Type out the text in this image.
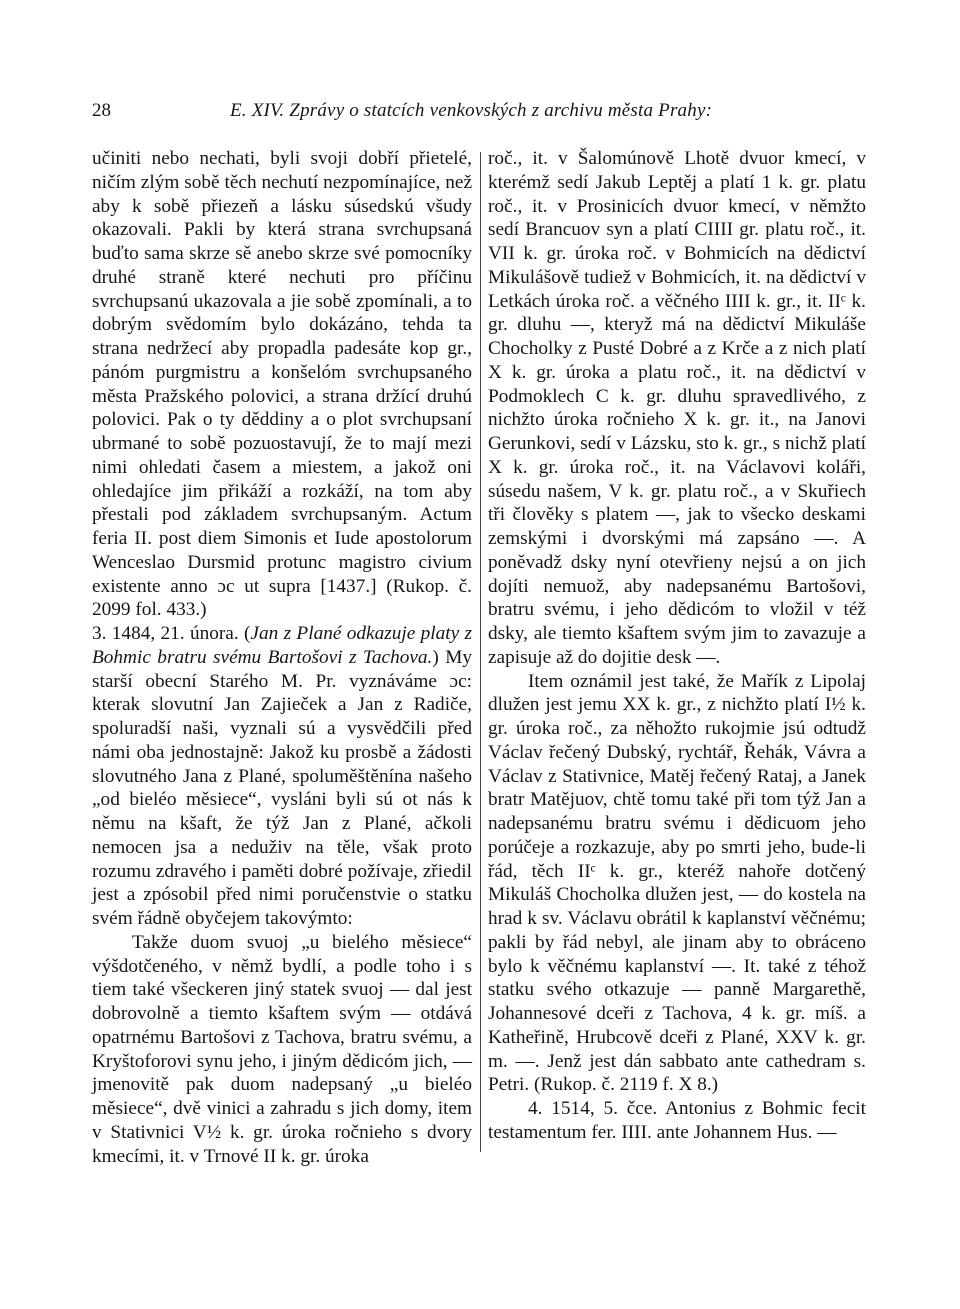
28	E. XIV. Zprávy o statcích venkovských z archivu města Prahy:

učiniti nebo nechati, byli svoji dobří přietelé, ničím zlým sobě těch nechutí nezpomínajíce, než aby k sobě přiezeň a lásku súsedskú všudy okazovali. Pakli by která strana svrchupsaná buďto sama skrze sě anebo skrze své pomocníky druhé straně které nechuti pro příčinu svrchupsanú ukazovala a jie sobě zpomínali, a to dobrým svědomím bylo dokázáno, tehda ta strana nedržecí aby propadla padesáte kop gr., pánóm purgmistru a konšelóm svrchupsaného města Pražského polovici, a strana držící druhú polovici. Pak o ty děddiny a o plot svrchupsaní ubrmané to sobě pozuostavují, že to mají mezi nimi ohledati časem a miestem, a jakož oni ohledajíce jim přikáží a rozkáží, na tom aby přestali pod základem svrchupsaným. Actum feria II. post diem Simonis et Iude apostolorum Wenceslao Dursmid protunc magistro civium existente anno ɔc ut supra [1437.] (Rukop. č. 2099 fol. 433.)

3. 1484, 21. února. (Jan z Plané odkazuje platy z Bohmic bratru svému Bartošovi z Tachova.) My starší obecní Starého M. Pr. vyznáváme ɔc: kterak slovutní Jan Zajieček a Jan z Radiče, spoluradší naši, vyznali sú a vysvědčili před námi oba jednostajně: Jakož ku prosbě a žádosti slovutného Jana z Plané, spoluměštěnína našeho „od bieléo měsiece“, vysláni byli sú ot nás k němu na kšaft, že týž Jan z Plané, ačkoli nemocen jsa a neduživ na těle, však proto rozumu zdravého i paměti dobré požívaje, zřiedil jest a zpósobil před nimi poručenstvie o statku svém řádně obyčejem takovýmto:

Takže duom svuoj „u bielého měsiece“ výšdotčeného, v němž bydlí, a podle toho i s tiem také všeckeren jiný statek svuoj — dal jest dobrovolně a tiemto kšaftem svým — otdává opatrnému Bartošovi z Tachova, bratru svému, a Kryštoforovi synu jeho, i jiným dědicóm jich, — jmenovitě pak duom nadepsaný „u bieléo měsiece“, dvě vinici a zahradu s jich domy, item v Stativnici V½ k. gr. úroka ročnieho s dvory kmecími, it. v Trnové II k. gr. úroka

roč., it. v Šalomúnově Lhotě dvuor kmecí, v kterémž sedí Jakub Leptěj a platí 1 k. gr. platu roč., it. v Prosinicích dvuor kmecí, v němžto sedí Brancuov syn a platí CIIII gr. platu roč., it. VII k. gr. úroka roč. v Bohmicích na dědictví Mikulášově tudiež v Bohmicích, it. na dědictví v Letkách úroka roč. a věčného IIII k. gr., it. IIᶜ k. gr. dluhu —, kteryž má na dědictví Mikuláše Chocholky z Pusté Dobré a z Krče a z nich platí X k. gr. úroka a platu roč., it. na dědictví v Podmoklech C k. gr. dluhu spravedlivého, z nichžto úroka ročnieho X k. gr. it., na Janovi Gerunkovi, sedí v Lázsku, sto k. gr., s nichž platí X k. gr. úroka roč., it. na Václavovi koláři, súsedu našem, V k. gr. platu roč., a v Skuřiech tři člověky s platem —, jak to všecko deskami zemskými i dvorskými má zapsáno —. A poněvadž dsky nyní otevřieny nejsú a on jich dojíti nemuož, aby nadepsanému Bartošovi, bratru svému, i jeho dědicóm to vložil v též dsky, ale tiemto kšaftem svým jim to zavazuje a zapisuje až do dojitie desk —.

Item oznámil jest také, že Mařík z Lipolaj dlužen jest jemu XX k. gr., z nichžto platí I½ k. gr. úroka roč., za něhožto rukojmie jsú odtudž Václav řečený Dubský, rychtář, Řehák, Vávra a Václav z Stativnice, Matěj řečený Rataj, a Janek bratr Matějuov, chtě tomu také při tom týž Jan a nadepsanému bratru svému i dědicuom jeho porúčeje a rozkazuje, aby po smrti jeho, bude-li řád, těch IIᶜ k. gr., kteréž nahoře dotčený Mikuláš Chocholka dlužen jest, — do kostela na hrad k sv. Václavu obrátil k kaplanství věčnému; pakli by řád nebyl, ale jinam aby to obráceno bylo k věčnému kaplanství —. It. také z téhož statku svého otkazuje — panně Margarethě, Johannesové dceři z Tachova, 4 k. gr. míš. a Katheřině, Hrubcově dceři z Plané, XXV k. gr. m. —. Jenž jest dán sabbato ante cathedram s. Petri. (Rukop. č. 2119 f. X 8.)

4. 1514, 5. čce. Antonius z Bohmic fecit testamentum fer. IIII. ante Johannem Hus. —
